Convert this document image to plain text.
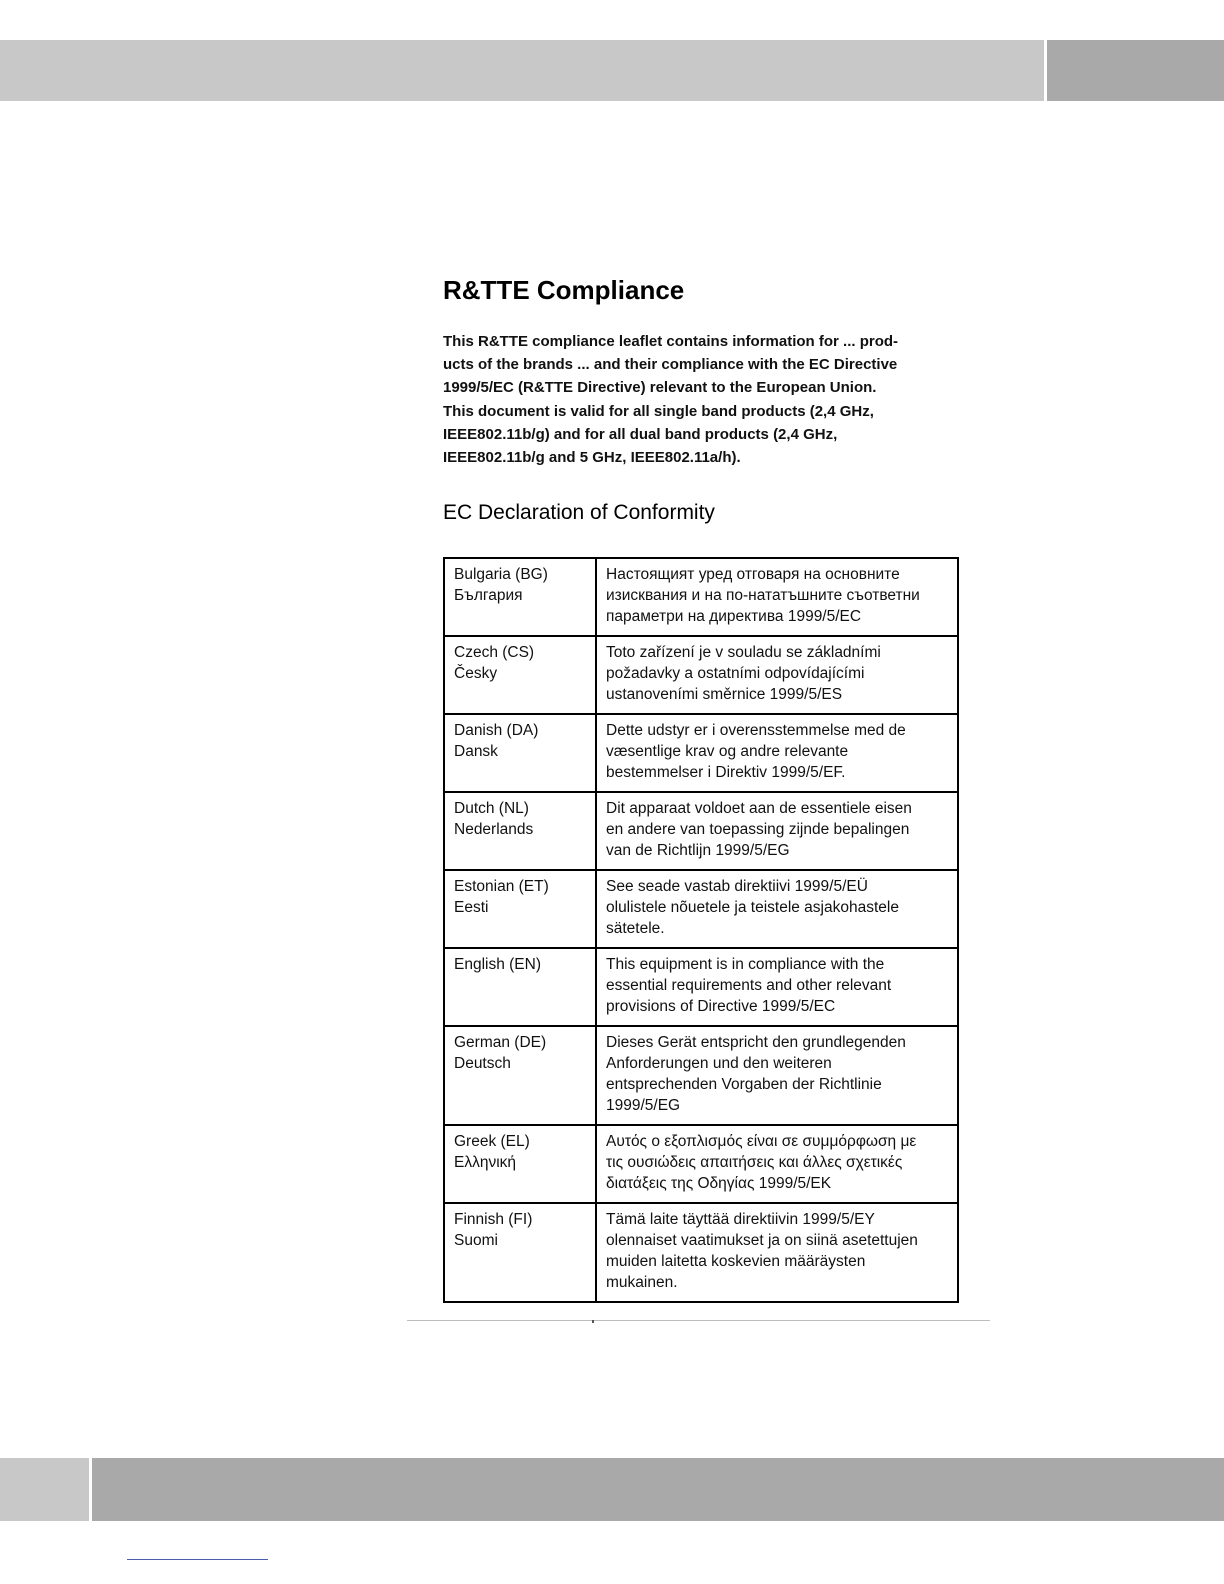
R&TTE Compliance

This R&TTE compliance leaflet contains information for ... prod-
ucts of the brands ... and their compliance with the EC Directive
1999/5/EC (R&TTE Directive) relevant to the European Union.
This document is valid for all single band products (2,4 GHz,
IEEE802.11b/g) and for all dual band products (2,4 GHz,
IEEE802.11b/g and 5 GHz, IEEE802.11a/h).

EC Declaration of Conformity
Bulgaria (BG)
България	Настоящият уред отговаря на основните
изисквания и на по-нататъшните съответни
параметри на директива 1999/5/EC

Czech (CS)
Česky	Toto zařízení je v souladu se základními
požadavky a ostatními odpovídajícími
ustanoveními směrnice 1999/5/ES

Danish (DA)
Dansk	Dette udstyr er i overensstemmelse med de
væsentlige krav og andre relevante
bestemmelser i Direktiv 1999/5/EF.

Dutch (NL)
Nederlands	Dit apparaat voldoet aan de essentiele eisen
en andere van toepassing zijnde bepalingen
van de Richtlijn 1999/5/EG

Estonian (ET)
Eesti	See seade vastab direktiivi 1999/5/EÜ
olulistele nõuetele ja teistele asjakohastele
sätetele.

English (EN)	This equipment is in compliance with the
essential requirements and other relevant
provisions of Directive 1999/5/EC

German (DE)
Deutsch	Dieses Gerät entspricht den grundlegenden
Anforderungen und den weiteren
entsprechenden Vorgaben der Richtlinie
1999/5/EG

Greek (EL)
Ελληνική	Αυτός ο εξοπλισμός είναι σε συμμόρφωση με
τις ουσιώδεις απαιτήσεις και άλλες σχετικές
διατάξεις της Οδηγίας 1999/5/ΕΚ

Finnish (FI)
Suomi	Tämä laite täyttää direktiivin 1999/5/EY
olennaiset vaatimukset ja on siinä asetettujen
muiden laitetta koskevien määräysten
mukainen.
